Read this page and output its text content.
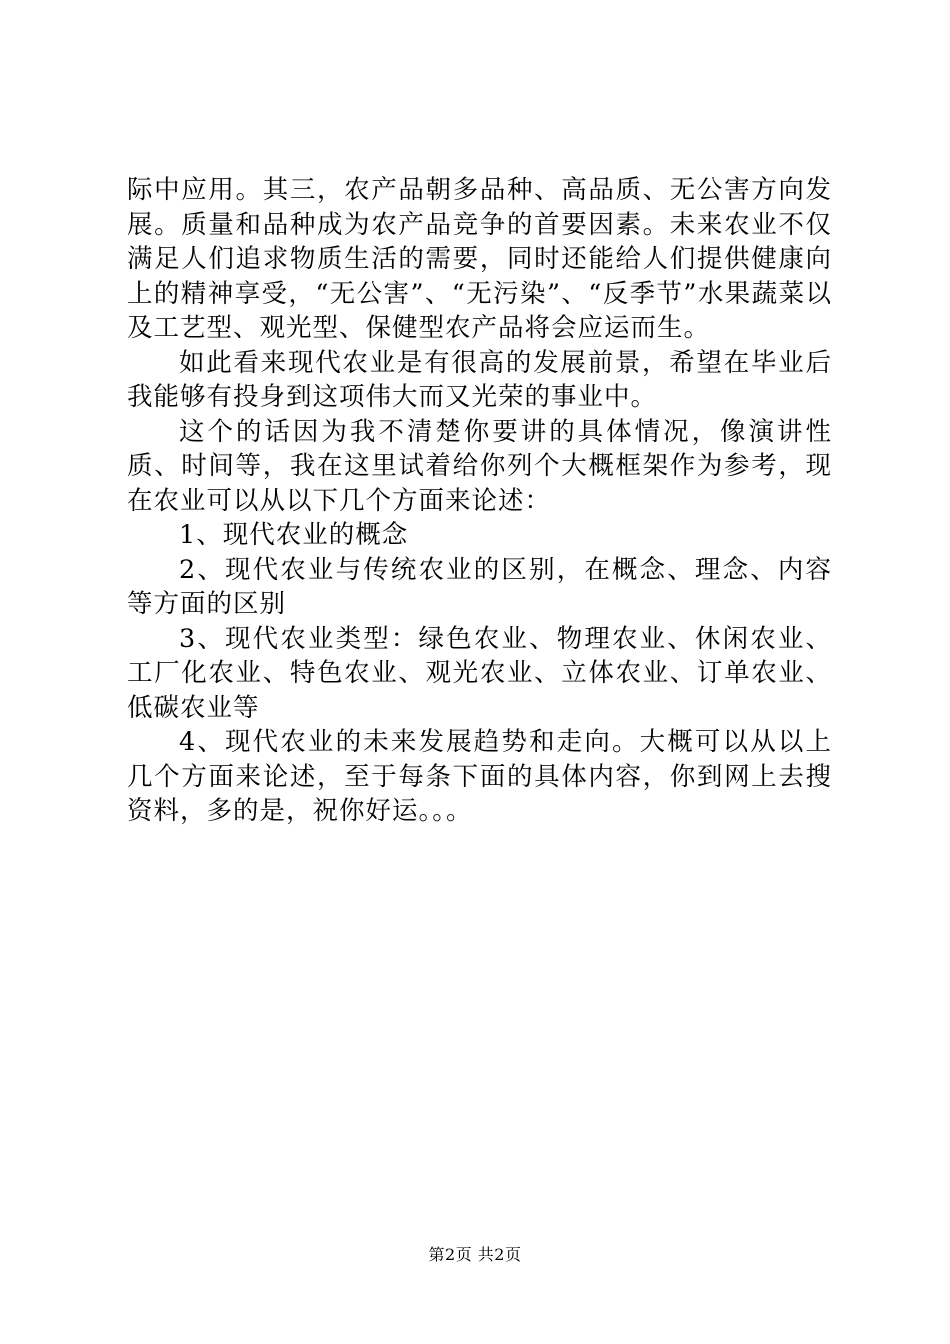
际中应用。其三，农产品朝多品种、高品质、无公害方向发展。质量和品种成为农产品竞争的首要因素。未来农业不仅满足人们追求物质生活的需要，同时还能给人们提供健康向上的精神享受，“无公害”、“无污染”、“反季节”水果蔬菜以及工艺型、观光型、保健型农产品将会应运而生。

如此看来现代农业是有很高的发展前景，希望在毕业后我能够有投身到这项伟大而又光荣的事业中。

这个的话因为我不清楚你要讲的具体情况，像演讲性质、时间等，我在这里试着给你列个大概框架作为参考，现在农业可以从以下几个方面来论述：

1、现代农业的概念

2、现代农业与传统农业的区别，在概念、理念、内容等方面的区别

3、现代农业类型：绿色农业、物理农业、休闲农业、工厂化农业、特色农业、观光农业、立体农业、订单农业、低碳农业等

4、现代农业的未来发展趋势和走向。大概可以从以上几个方面来论述，至于每条下面的具体内容，你到网上去搜资料，多的是，祝你好运。。。

第2页 共2页
